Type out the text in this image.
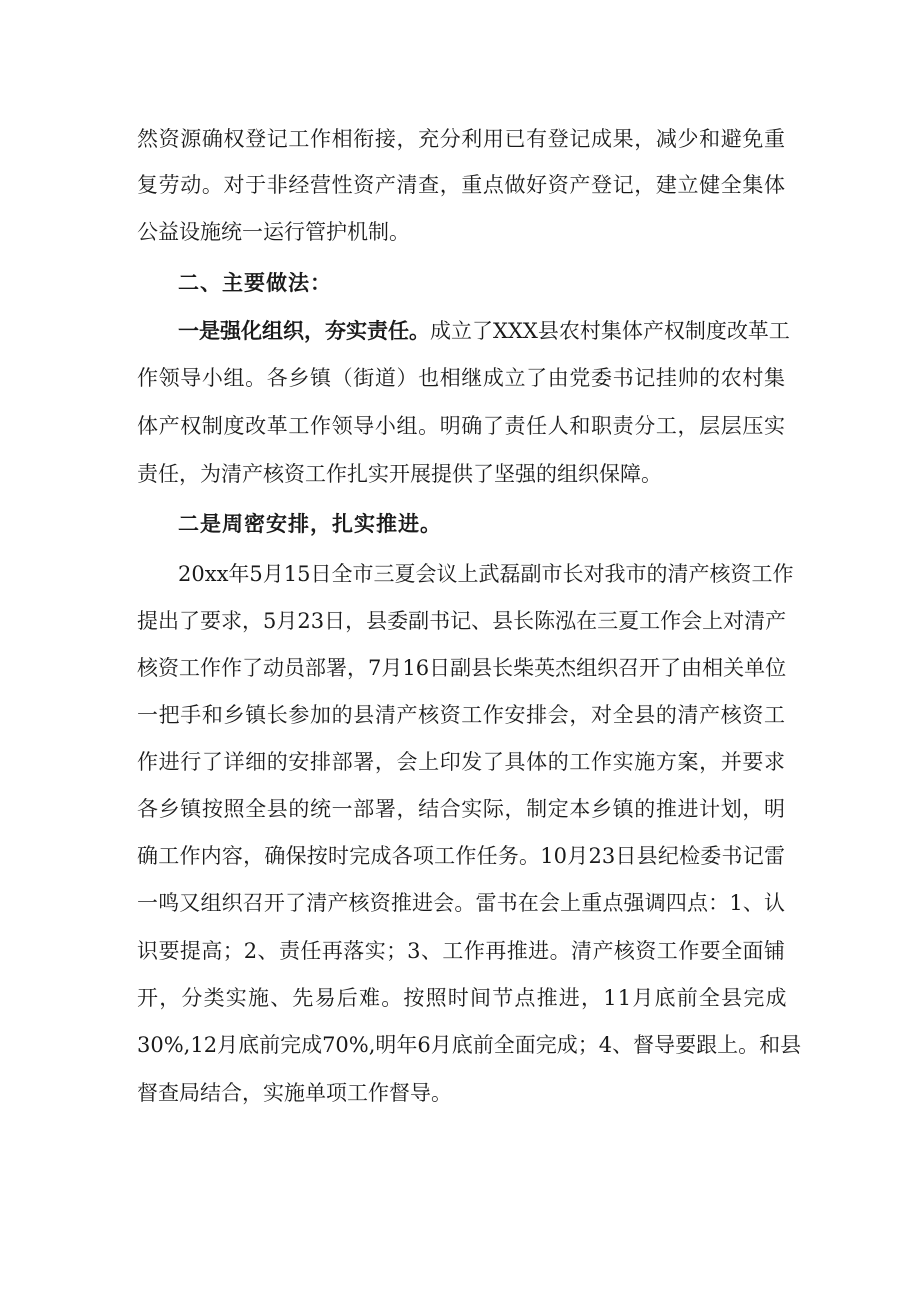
然资源确权登记工作相衔接，充分利用已有登记成果，减少和避免重

复劳动。对于非经营性资产清查，重点做好资产登记，建立健全集体

公益设施统一运行管护机制。

二、主要做法：

一是强化组织，夯实责任。成立了XXX县农村集体产权制度改革工

作领导小组。各乡镇（街道）也相继成立了由党委书记挂帅的农村集

体产权制度改革工作领导小组。明确了责任人和职责分工，层层压实

责任，为清产核资工作扎实开展提供了坚强的组织保障。

二是周密安排，扎实推进。

20xx年5月15日全市三夏会议上武磊副市长对我市的清产核资工作

提出了要求，5月23日，县委副书记、县长陈泓在三夏工作会上对清产

核资工作作了动员部署，7月16日副县长柴英杰组织召开了由相关单位

一把手和乡镇长参加的县清产核资工作安排会，对全县的清产核资工

作进行了详细的安排部署，会上印发了具体的工作实施方案，并要求

各乡镇按照全县的统一部署，结合实际，制定本乡镇的推进计划，明

确工作内容，确保按时完成各项工作任务。10月23日县纪检委书记雷

一鸣又组织召开了清产核资推进会。雷书在会上重点强调四点：1、认

识要提高；2、责任再落实；3、工作再推进。清产核资工作要全面铺

开，分类实施、先易后难。按照时间节点推进，11月底前全县完成

30%,12月底前完成70%,明年6月底前全面完成；4、督导要跟上。和县

督查局结合，实施单项工作督导。
